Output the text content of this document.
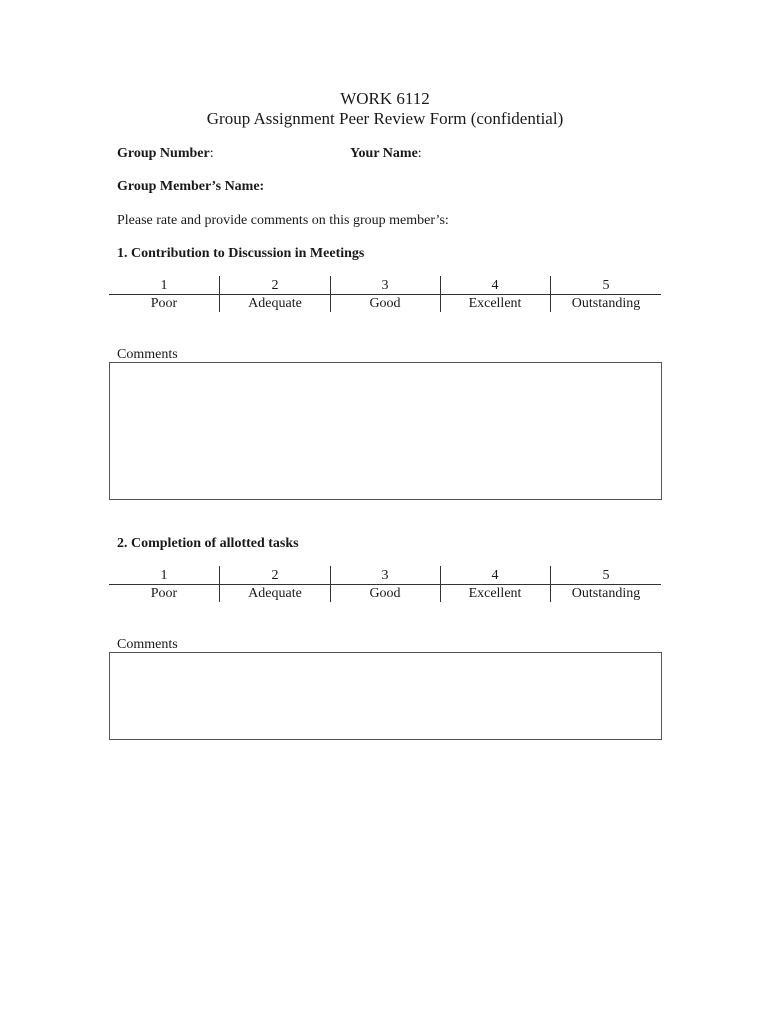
WORK 6112
Group Assignment Peer Review Form (confidential)
Group Number:	Your Name:
Group Member’s Name:
Please rate and provide comments on this group member’s:
1. Contribution to Discussion in Meetings
1
Poor
2
Adequate
3
Good
4
Excellent
5
Outstanding
Comments
2. Completion of allotted tasks
1
Poor
2
Adequate
3
Good
4
Excellent
5
Outstanding
Comments
